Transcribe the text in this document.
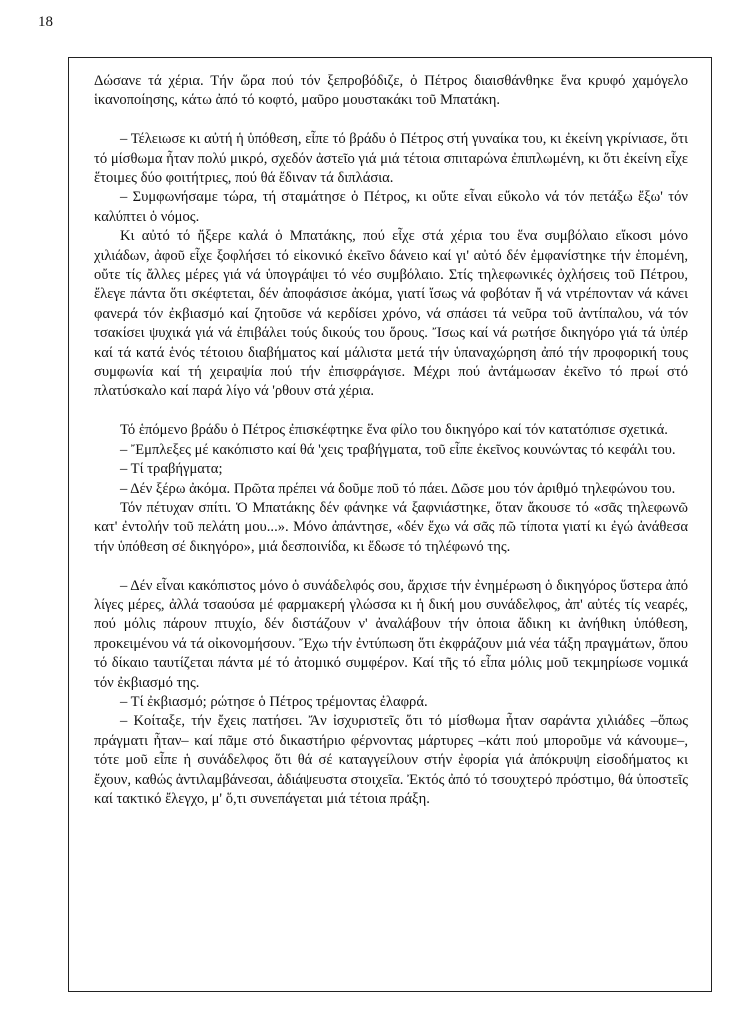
18

Δώσανε τά χέρια. Τήν ὥρα πού τόν ξεπροβόδιζε, ὁ Πέτρος διαισθάνθηκε ἕνα κρυφό χαμόγελο ἱκανοποίησης, κάτω ἀπό τό κοφτό, μαῦρο μουστακάκι τοῦ Μπατάκη.

– Τέλειωσε κι αὐτή ἡ ὑπόθεση, εἶπε τό βράδυ ὁ Πέτρος στή γυναίκα του, κι ἐκείνη γκρίνιασε, ὅτι τό μίσθωμα ἦταν πολύ μικρό, σχεδόν ἀστεῖο γιά μιά τέτοια σπιταρώνα ἐπιπλωμένη, κι ὅτι ἐκείνη εἶχε ἕτοιμες δύο φοιτήτριες, πού θά ἔδιναν τά διπλάσια.

– Συμφωνήσαμε τώρα, τή σταμάτησε ὁ Πέτρος, κι οὔτε εἶναι εὔκολο νά τόν πετάξω ἔξω' τόν καλύπτει ὁ νόμος.

Κι αὐτό τό ἤξερε καλά ὁ Μπατάκης, πού εἶχε στά χέρια του ἕνα συμβόλαιο εἴκοσι μόνο χιλιάδων, ἀφοῦ εἶχε ξοφλήσει τό εἰκονικό ἐκεῖνο δάνειο καί γι' αὐτό δέν ἐμφανίστηκε τήν ἑπομένη, οὔτε τίς ἄλλες μέρες γιά νά ὑπογράψει τό νέο συμβόλαιο. Στίς τηλεφωνικές ὀχλήσεις τοῦ Πέτρου, ἔλεγε πάντα ὅτι σκέφτεται, δέν ἀποφάσισε ἀκόμα, γιατί ἴσως νά φοβόταν ἤ νά ντρέπονταν νά κάνει φανερά τόν ἐκβιασμό καί ζητοῦσε νά κερδίσει χρόνο, νά σπάσει τά νεῦρα τοῦ ἀντίπαλου, νά τόν τσακίσει ψυχικά γιά νά ἐπιβάλει τούς δικούς του ὅρους. Ἴσως καί νά ρωτήσε δικηγόρο γιά τά ὑπέρ καί τά κατά ἑνός τέτοιου διαβήματος καί μάλιστα μετά τήν ὑπαναχώρηση ἀπό τήν προφορική τους συμφωνία καί τή χειραψία πού τήν ἐπισφράγισε. Μέχρι πού ἀντάμωσαν ἐκεῖνο τό πρωί στό πλατύσκαλο καί παρά λίγο νά 'ρθουν στά χέρια.

Τό ἑπόμενο βράδυ ὁ Πέτρος ἐπισκέφτηκε ἕνα φίλο του δικηγόρο καί τόν κατατόπισε σχετικά.

– Ἔμπλεξες μέ κακόπιστο καί θά 'χεις τραβήγματα, τοῦ εἶπε ἐκεῖνος κουνώντας τό κεφάλι του.

– Τί τραβήγματα;

– Δέν ξέρω ἀκόμα. Πρῶτα πρέπει νά δοῦμε ποῦ τό πάει. Δῶσε μου τόν ἀριθμό τηλεφώνου του.

Τόν πέτυχαν σπίτι. Ὁ Μπατάκης δέν φάνηκε νά ξαφνιάστηκε, ὅταν ἄκουσε τό «σᾶς τηλεφωνῶ κατ' ἐντολήν τοῦ πελάτη μου...». Μόνο ἀπάντησε, «δέν ἔχω νά σᾶς πῶ τίποτα γιατί κι ἐγώ ἀνάθεσα τήν ὑπόθεση σέ δικηγόρο», μιά δεσποινίδα, κι ἔδωσε τό τηλέφωνό της.

– Δέν εἶναι κακόπιστος μόνο ὁ συνάδελφός σου, ἄρχισε τήν ἐνημέρωση ὁ δικηγόρος ὕστερα ἀπό λίγες μέρες, ἀλλά τσαούσα μέ φαρμακερή γλώσσα κι ἡ δική μου συνάδελφος, ἀπ' αὐτές τίς νεαρές, πού μόλις πάρουν πτυχίο, δέν διστάζουν ν' ἀναλάβουν τήν ὁποια ἄδικη κι ἀνήθικη ὑπόθεση, προκειμένου νά τά οἰκονομήσουν. Ἔχω τήν ἐντύπωση ὅτι ἐκφράζουν μιά νέα τάξη πραγμάτων, ὅπου τό δίκαιο ταυτίζεται πάντα μέ τό ἀτομικό συμφέρον. Καί τῆς τό εἶπα μόλις μοῦ τεκμηρίωσε νομικά τόν ἐκβιασμό της.

– Τί ἐκβιασμό; ρώτησε ὁ Πέτρος τρέμοντας ἐλαφρά.

– Κοίταξε, τήν ἔχεις πατήσει. Ἄν ἰσχυριστεῖς ὅτι τό μίσθωμα ἦταν σαράντα χιλιάδες –ὅπως πράγματι ἦταν– καί πᾶμε στό δικαστήριο φέρνοντας μάρτυρες –κάτι πού μποροῦμε νά κάνουμε–, τότε μοῦ εἶπε ἡ συνάδελφος ὅτι θά σέ καταγγείλουν στήν ἐφορία γιά ἀπόκρυψη εἰσοδήματος κι ἔχουν, καθώς ἀντιλαμβάνεσαι, ἀδιάψευστα στοιχεῖα. Ἐκτός ἀπό τό τσουχτερό πρόστιμο, θά ὑποστεῖς καί τακτικό ἔλεγχο, μ' ὅ,τι συνεπάγεται μιά τέτοια πράξη.
